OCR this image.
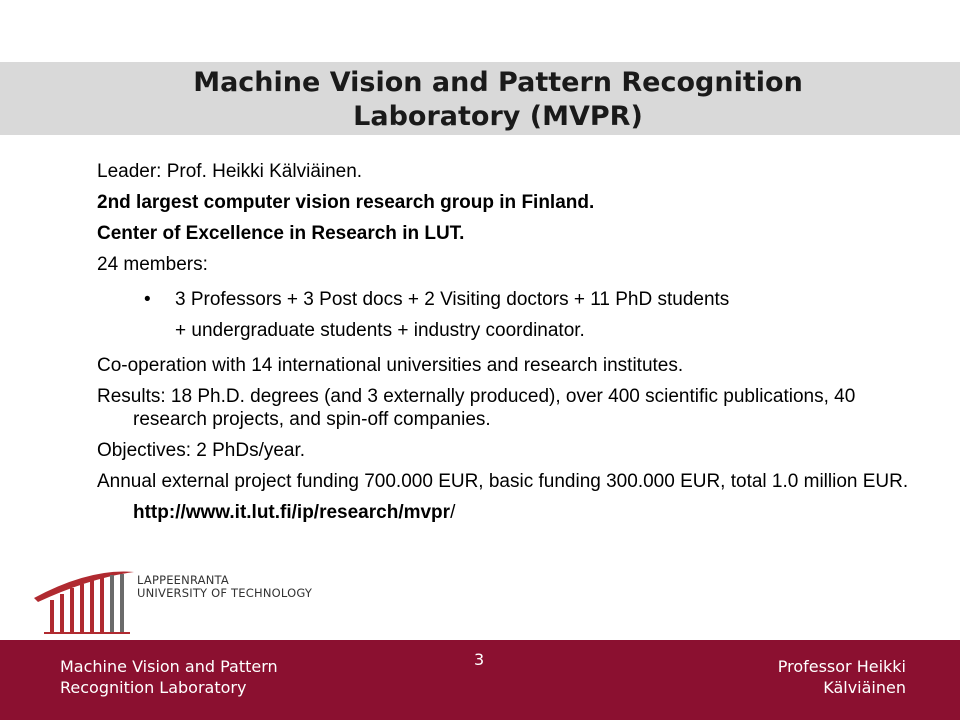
Machine Vision and Pattern Recognition
Laboratory (MVPR)

Leader: Prof. Heikki Kälviäinen.

2nd largest computer vision research group in Finland.

Center of Excellence in Research in LUT.

24 members:

• 3 Professors + 3 Post docs + 2 Visiting doctors + 11 PhD students

+ undergraduate students + industry coordinator.

Co-operation with 14 international universities and research institutes.

Results: 18 Ph.D. degrees (and 3 externally produced), over 400 scientific publications, 40 research projects, and spin-off companies.

Objectives: 2 PhDs/year.

Annual external project funding 700.000 EUR, basic funding 300.000 EUR, total 1.0 million EUR.

http://www.it.lut.fi/ip/research/mvpr/

LAPPEENRANTA
UNIVERSITY OF TECHNOLOGY
Machine Vision and Pattern
Recognition Laboratory
3	Professor Heikki
Kälviäinen
